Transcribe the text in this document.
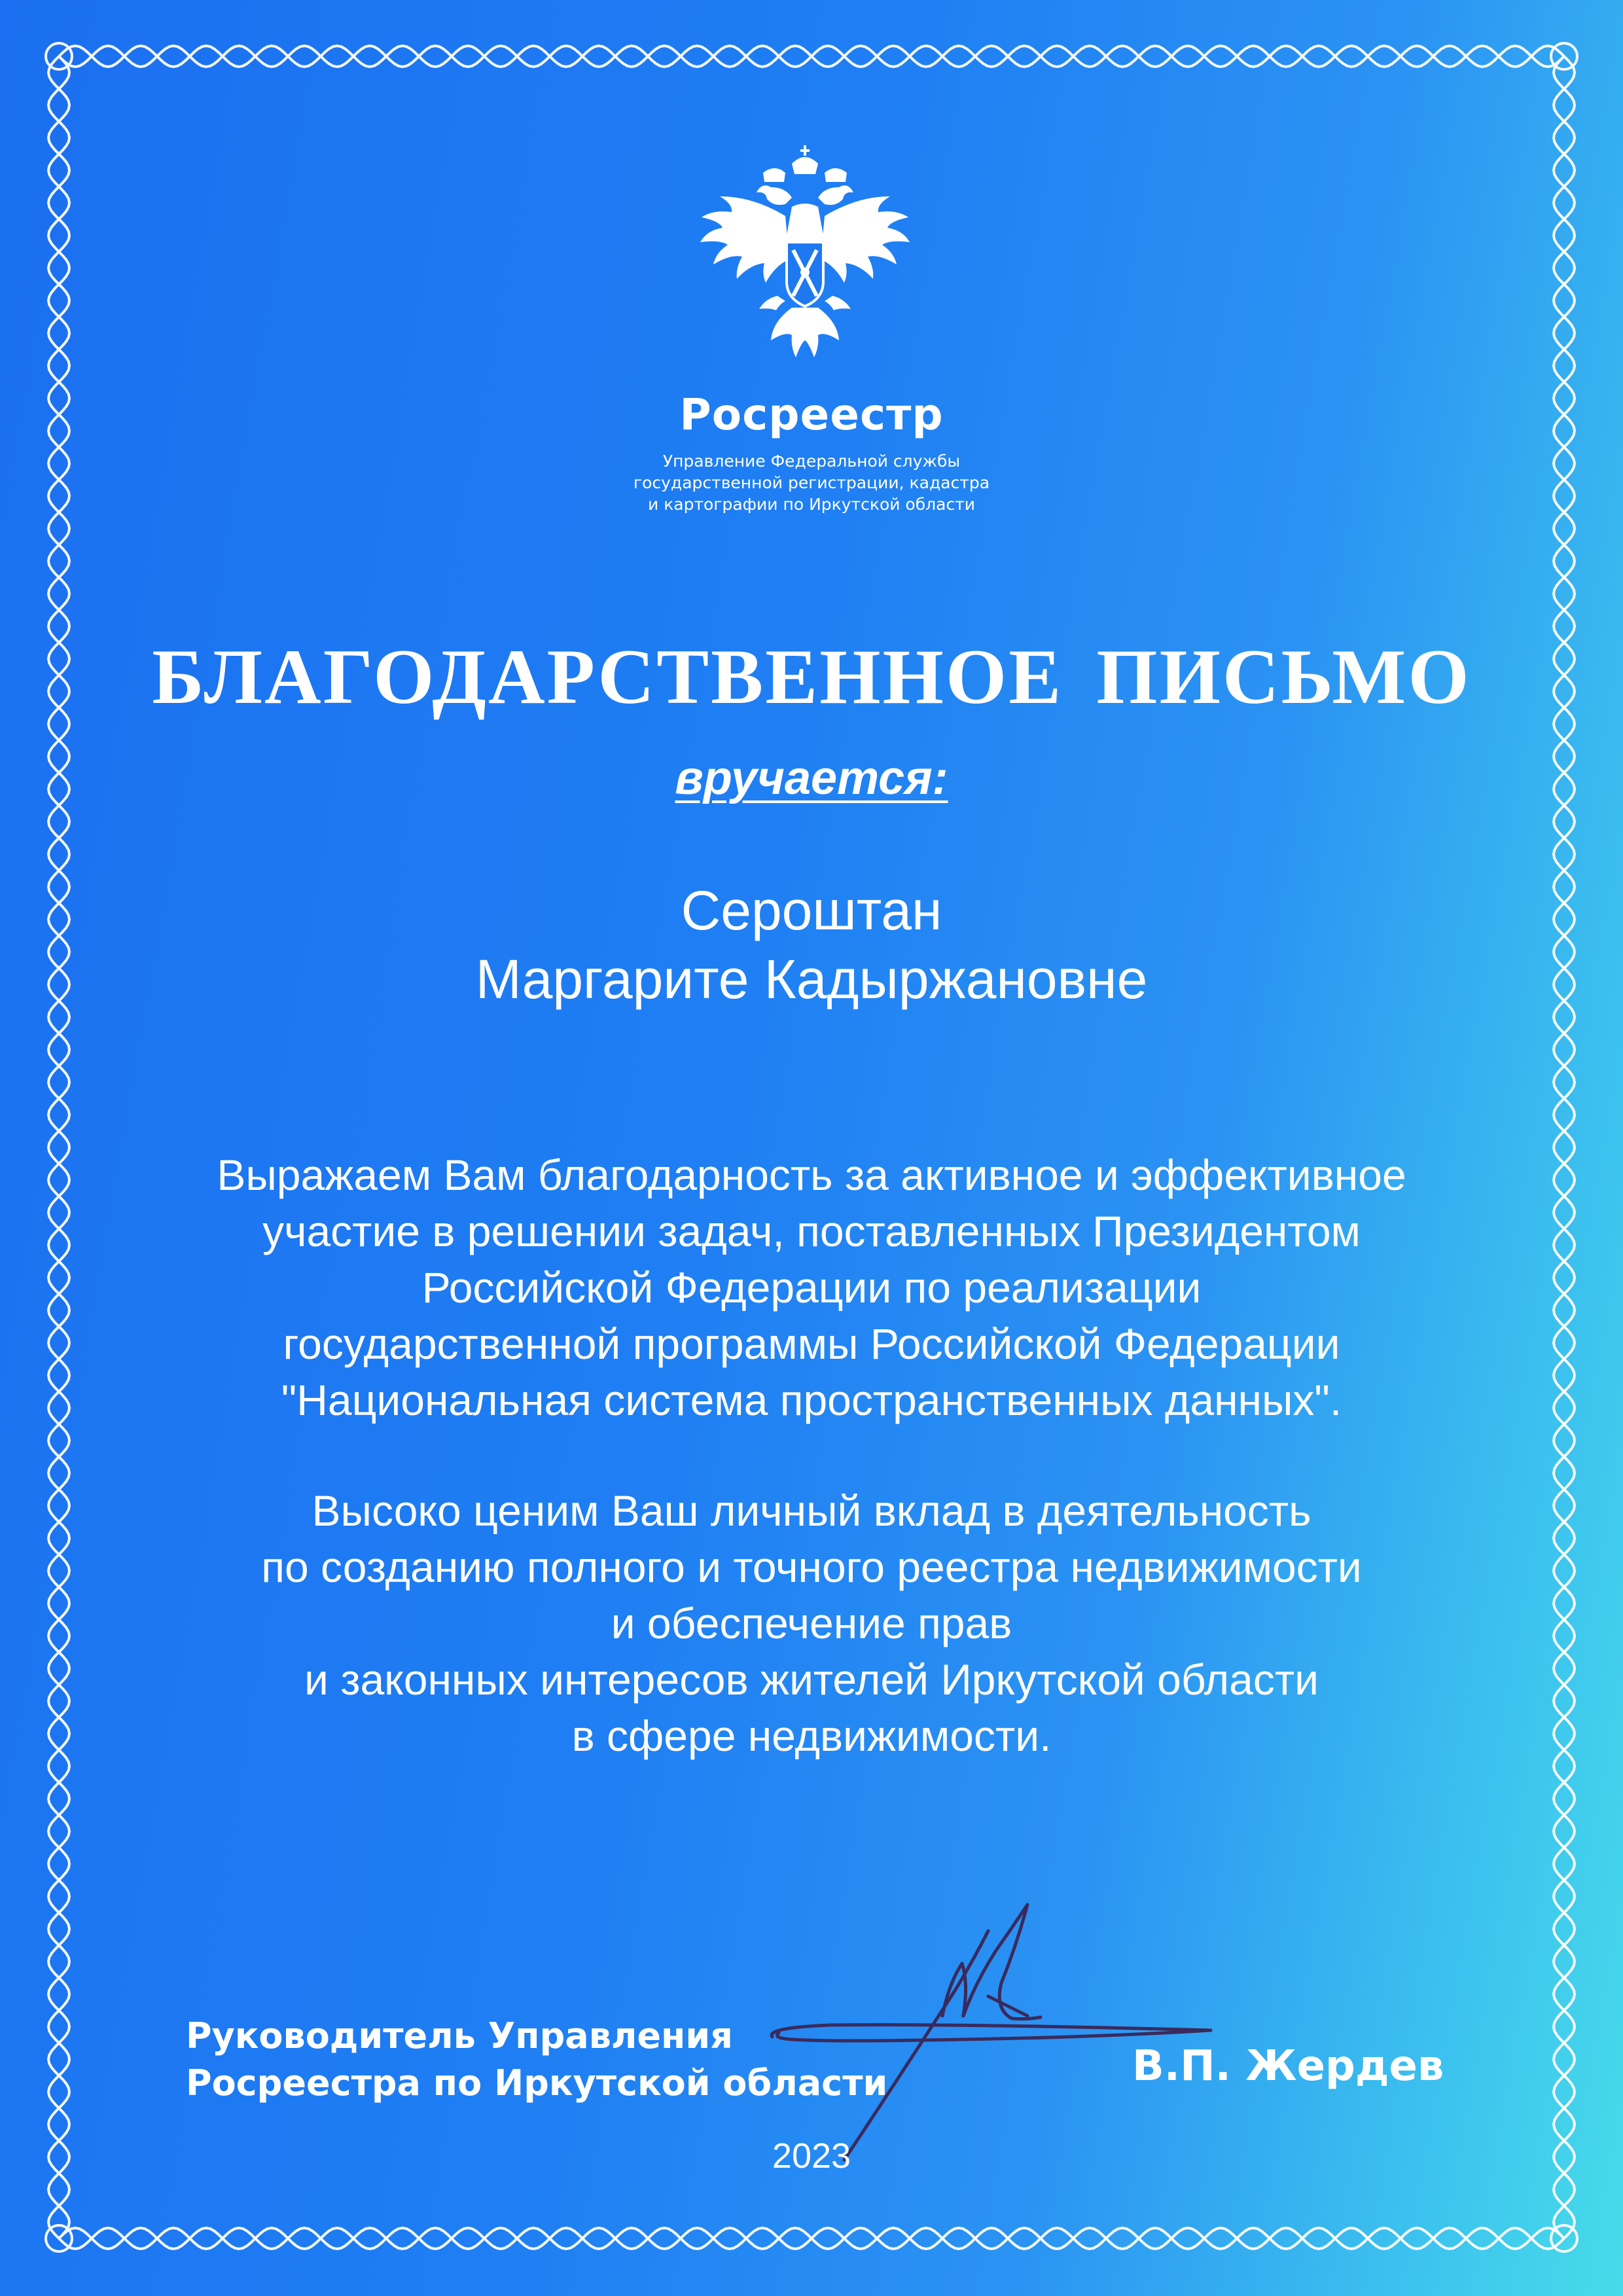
Росреестр
Управление Федеральной службы
государственной регистрации, кадастра
и картографии по Иркутской области
БЛАГОДАРСТВЕННОЕ ПИСЬМО
вручается:
Сероштан
Маргарите Кадыржановне
Выражаем Вам благодарность за активное и эффективное
участие в решении задач, поставленных Президентом
Российской Федерации по реализации
государственной программы Российской Федерации
"Национальная система пространственных данных".
Высоко ценим Ваш личный вклад в деятельность
по созданию полного и точного реестра недвижимости
и обеспечение прав
и законных интересов жителей Иркутской области
в сфере недвижимости.
Руководитель Управления
Росреестра по Иркутской области	В.П. Жердев
2023
